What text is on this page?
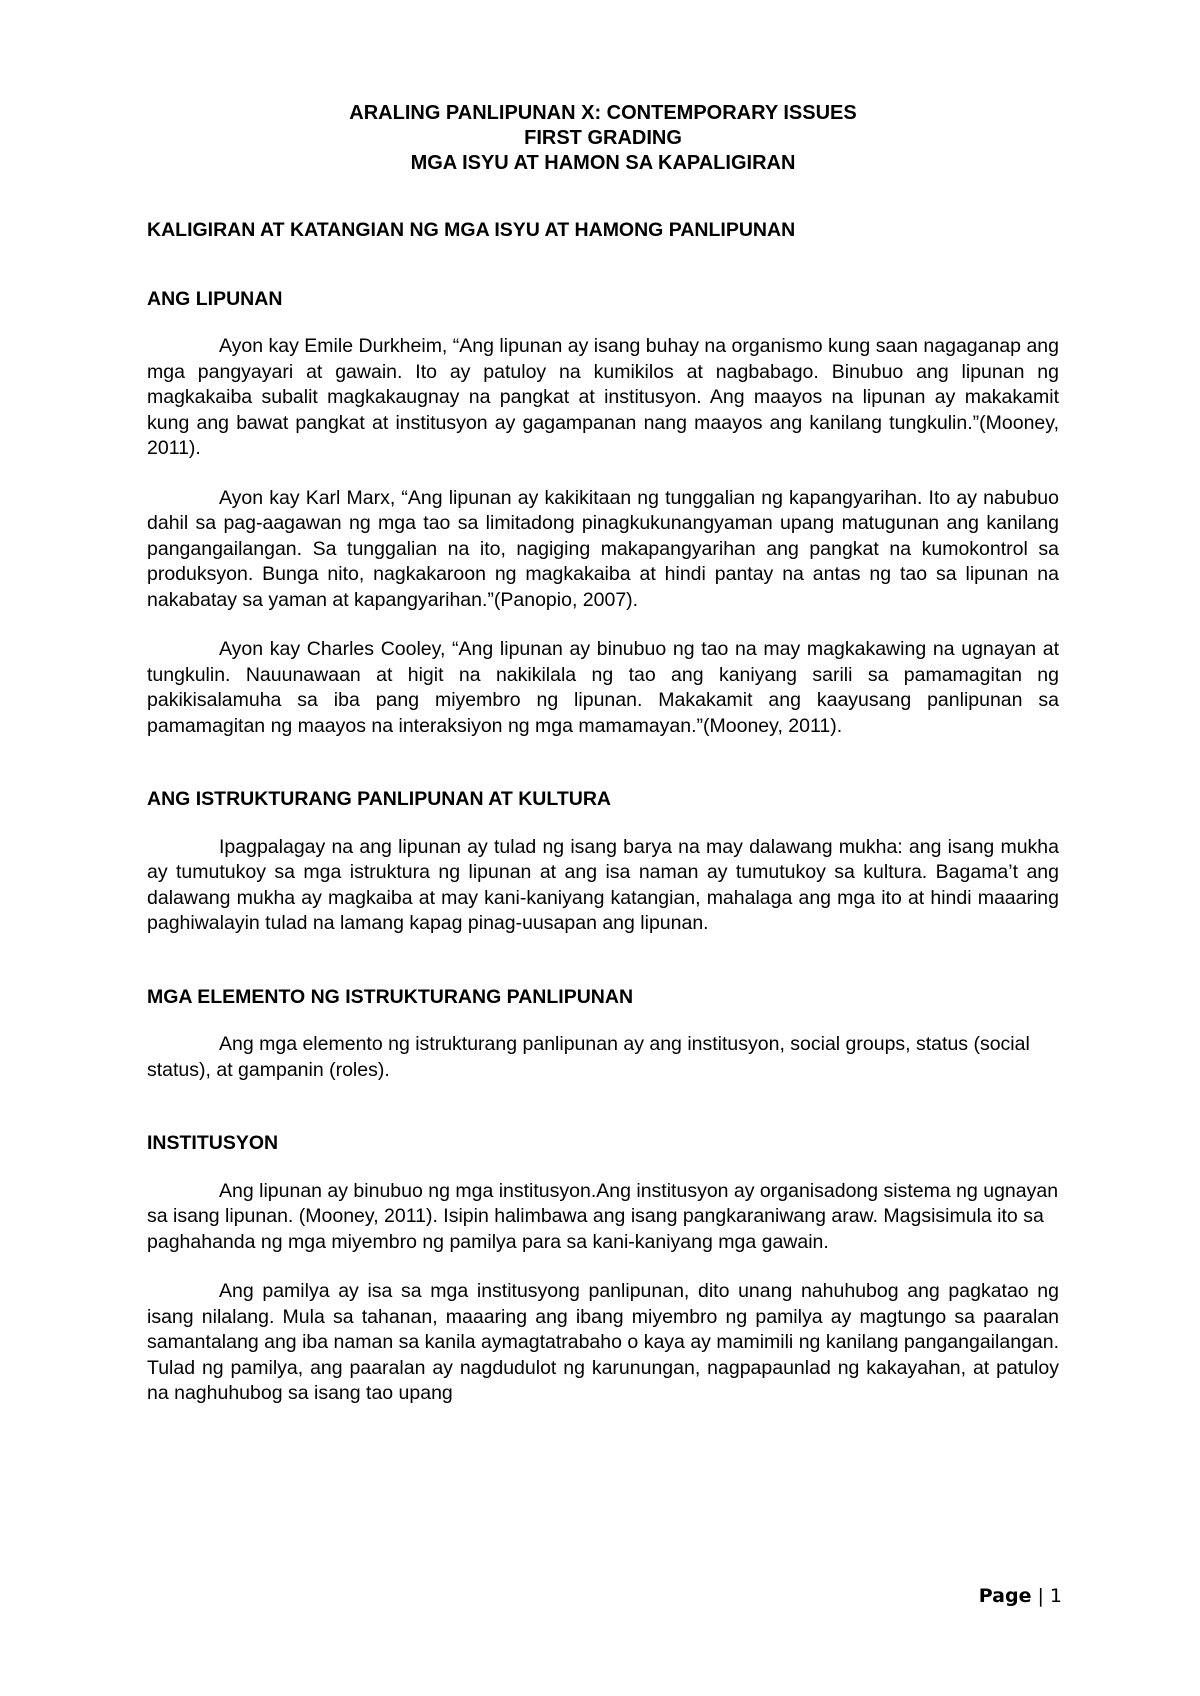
ARALING PANLIPUNAN X: CONTEMPORARY ISSUES
FIRST GRADING
MGA ISYU AT HAMON SA KAPALIGIRAN
KALIGIRAN AT KATANGIAN NG MGA ISYU AT HAMONG PANLIPUNAN
ANG LIPUNAN

Ayon kay Emile Durkheim, “Ang lipunan ay isang buhay na organismo kung saan nagaganap ang mga pangyayari at gawain. Ito ay patuloy na kumikilos at nagbabago. Binubuo ang lipunan ng magkakaiba subalit magkakaugnay na pangkat at institusyon. Ang maayos na lipunan ay makakamit kung ang bawat pangkat at institusyon ay gagampanan nang maayos ang kanilang tungkulin.”(Mooney, 2011).

Ayon kay Karl Marx, “Ang lipunan ay kakikitaan ng tunggalian ng kapangyarihan. Ito ay nabubuo dahil sa pag-aagawan ng mga tao sa limitadong pinagkukunangyaman upang matugunan ang kanilang pangangailangan. Sa tunggalian na ito, nagiging makapangyarihan ang pangkat na kumokontrol sa produksyon. Bunga nito, nagkakaroon ng magkakaiba at hindi pantay na antas ng tao sa lipunan na nakabatay sa yaman at kapangyarihan.”(Panopio, 2007).

Ayon kay Charles Cooley, “Ang lipunan ay binubuo ng tao na may magkakawing na ugnayan at tungkulin. Nauunawaan at higit na nakikilala ng tao ang kaniyang sarili sa pamamagitan ng pakikisalamuha sa iba pang miyembro ng lipunan. Makakamit ang kaayusang panlipunan sa pamamagitan ng maayos na interaksiyon ng mga mamamayan.”(Mooney, 2011).

ANG ISTRUKTURANG PANLIPUNAN AT KULTURA

Ipagpalagay na ang lipunan ay tulad ng isang barya na may dalawang mukha: ang isang mukha ay tumutukoy sa mga istruktura ng lipunan at ang isa naman ay tumutukoy sa kultura. Bagama’t ang dalawang mukha ay magkaiba at may kani-kaniyang katangian, mahalaga ang mga ito at hindi maaaring paghiwalayin tulad na lamang kapag pinag-uusapan ang lipunan.

MGA ELEMENTO NG ISTRUKTURANG PANLIPUNAN

Ang mga elemento ng istrukturang panlipunan ay ang institusyon, social groups, status (social status), at gampanin (roles).

INSTITUSYON

Ang lipunan ay binubuo ng mga institusyon.Ang institusyon ay organisadong sistema ng ugnayan sa isang lipunan. (Mooney, 2011). Isipin halimbawa ang isang pangkaraniwang araw. Magsisimula ito sa paghahanda ng mga miyembro ng pamilya para sa kani-kaniyang mga gawain.

Ang pamilya ay isa sa mga institusyong panlipunan, dito unang nahuhubog ang pagkatao ng isang nilalang. Mula sa tahanan, maaaring ang ibang miyembro ng pamilya ay magtungo sa paaralan samantalang ang iba naman sa kanila aymagtatrabaho o kaya ay mamimili ng kanilang pangangailangan. Tulad ng pamilya, ang paaralan ay nagdudulot ng karunungan, nagpapaunlad ng kakayahan, at patuloy na naghuhubog sa isang tao upang

Page | 1
